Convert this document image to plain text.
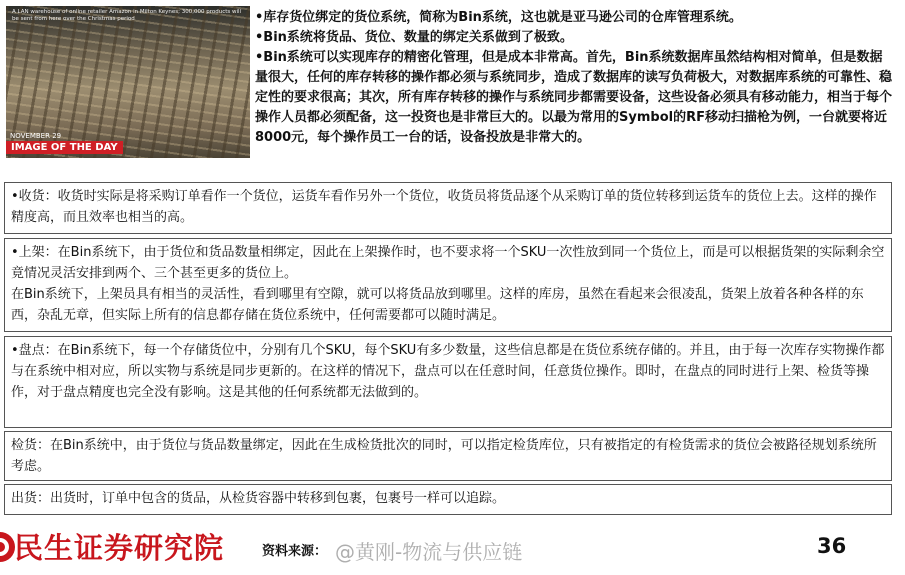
A LAN warehouse of online retailer Amazon in Milton Keynes; 300,000 products will be sent from here over the Christmas period
NOVEMBER 29
IMAGE OF THE DAY

•库存货位绑定的货位系统，简称为Bin系统，这也就是亚马逊公司的仓库管理系统。

•Bin系统将货品、货位、数量的绑定关系做到了极致。

•Bin系统可以实现库存的精密化管理，但是成本非常高。首先，Bin系统数据库虽然结构相对简单，但是数据量很大，任何的库存转移的操作都必须与系统同步，造成了数据库的读写负荷极大，对数据库系统的可靠性、稳定性的要求很高；其次，所有库存转移的操作与系统同步都需要设备，这些设备必须具有移动能力，相当于每个操作人员都必须配备，这一投资也是非常巨大的。以最为常用的Symbol的RF移动扫描枪为例，一台就要将近8000元，每个操作员工一台的话，设备投放是非常大的。

•收货：收货时实际是将采购订单看作一个货位，运货车看作另外一个货位，收货员将货品逐个从采购订单的货位转移到运货车的货位上去。这样的操作精度高，而且效率也相当的高。

•上架：在Bin系统下，由于货位和货品数量相绑定，因此在上架操作时，也不要求将一个SKU一次性放到同一个货位上，而是可以根据货架的实际剩余空竟情况灵活安排到两个、三个甚至更多的货位上。

在Bin系统下，上架员具有相当的灵活性，看到哪里有空隙，就可以将货品放到哪里。这样的库房，虽然在看起来会很凌乱，货架上放着各种各样的东西，杂乱无章，但实际上所有的信息都存储在货位系统中，任何需要都可以随时满足。

•盘点：在Bin系统下，每一个存储货位中，分别有几个SKU，每个SKU有多少数量，这些信息都是在货位系统存储的。并且，由于每一次库存实物操作都与在系统中相对应，所以实物与系统是同步更新的。在这样的情况下，盘点可以在任意时间，任意货位操作。即时，在盘点的同时进行上架、检货等操作，对于盘点精度也完全没有影响。这是其他的任何系统都无法做到的。

检货：在Bin系统中，由于货位与货品数量绑定，因此在生成检货批次的同时，可以指定检货库位，只有被指定的有检货需求的货位会被路径规划系统所考虑。

出货：出货时，订单中包含的货品，从检货容器中转移到包裹，包裹号一样可以追踪。

民生证券研究院	资料来源： @黄刚-物流与供应链	36
